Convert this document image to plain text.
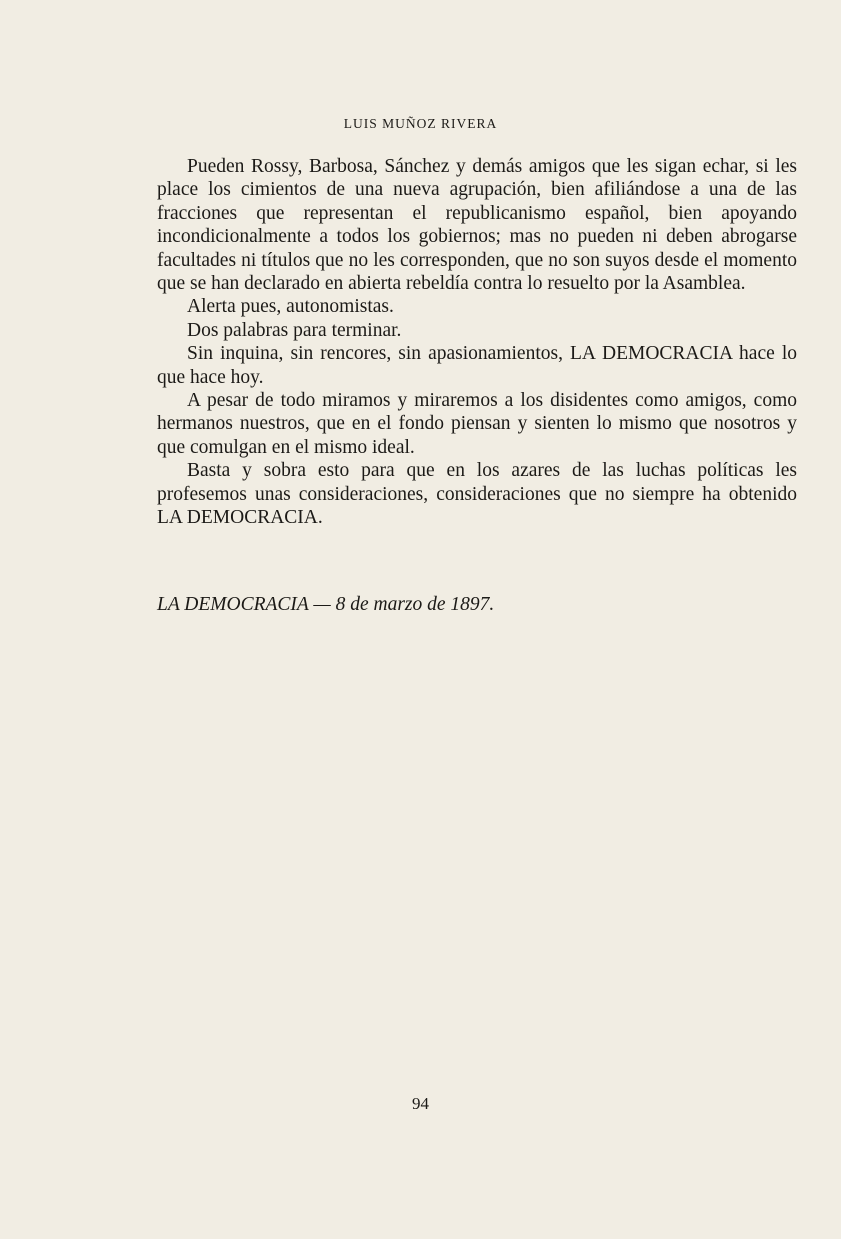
LUIS MUÑOZ RIVERA

Pueden Rossy, Barbosa, Sánchez y demás amigos que les sigan echar, si les place los cimientos de una nueva agrupación, bien afiliándose a una de las fracciones que representan el republicanismo español, bien apoyando incondicionalmente a todos los gobiernos; mas no pueden ni deben abrogarse facultades ni títulos que no les corresponden, que no son suyos desde el momento que se han declarado en abierta rebeldía contra lo resuelto por la Asamblea.

Alerta pues, autonomistas.

Dos palabras para terminar.

Sin inquina, sin rencores, sin apasionamientos, LA DEMOCRACIA hace lo que hace hoy.

A pesar de todo miramos y miraremos a los disidentes como amigos, como hermanos nuestros, que en el fondo piensan y sienten lo mismo que nosotros y que comulgan en el mismo ideal.

Basta y sobra esto para que en los azares de las luchas políticas les profesemos unas consideraciones, consideraciones que no siempre ha obtenido LA DEMOCRACIA.

LA DEMOCRACIA — 8 de marzo de 1897.
94
